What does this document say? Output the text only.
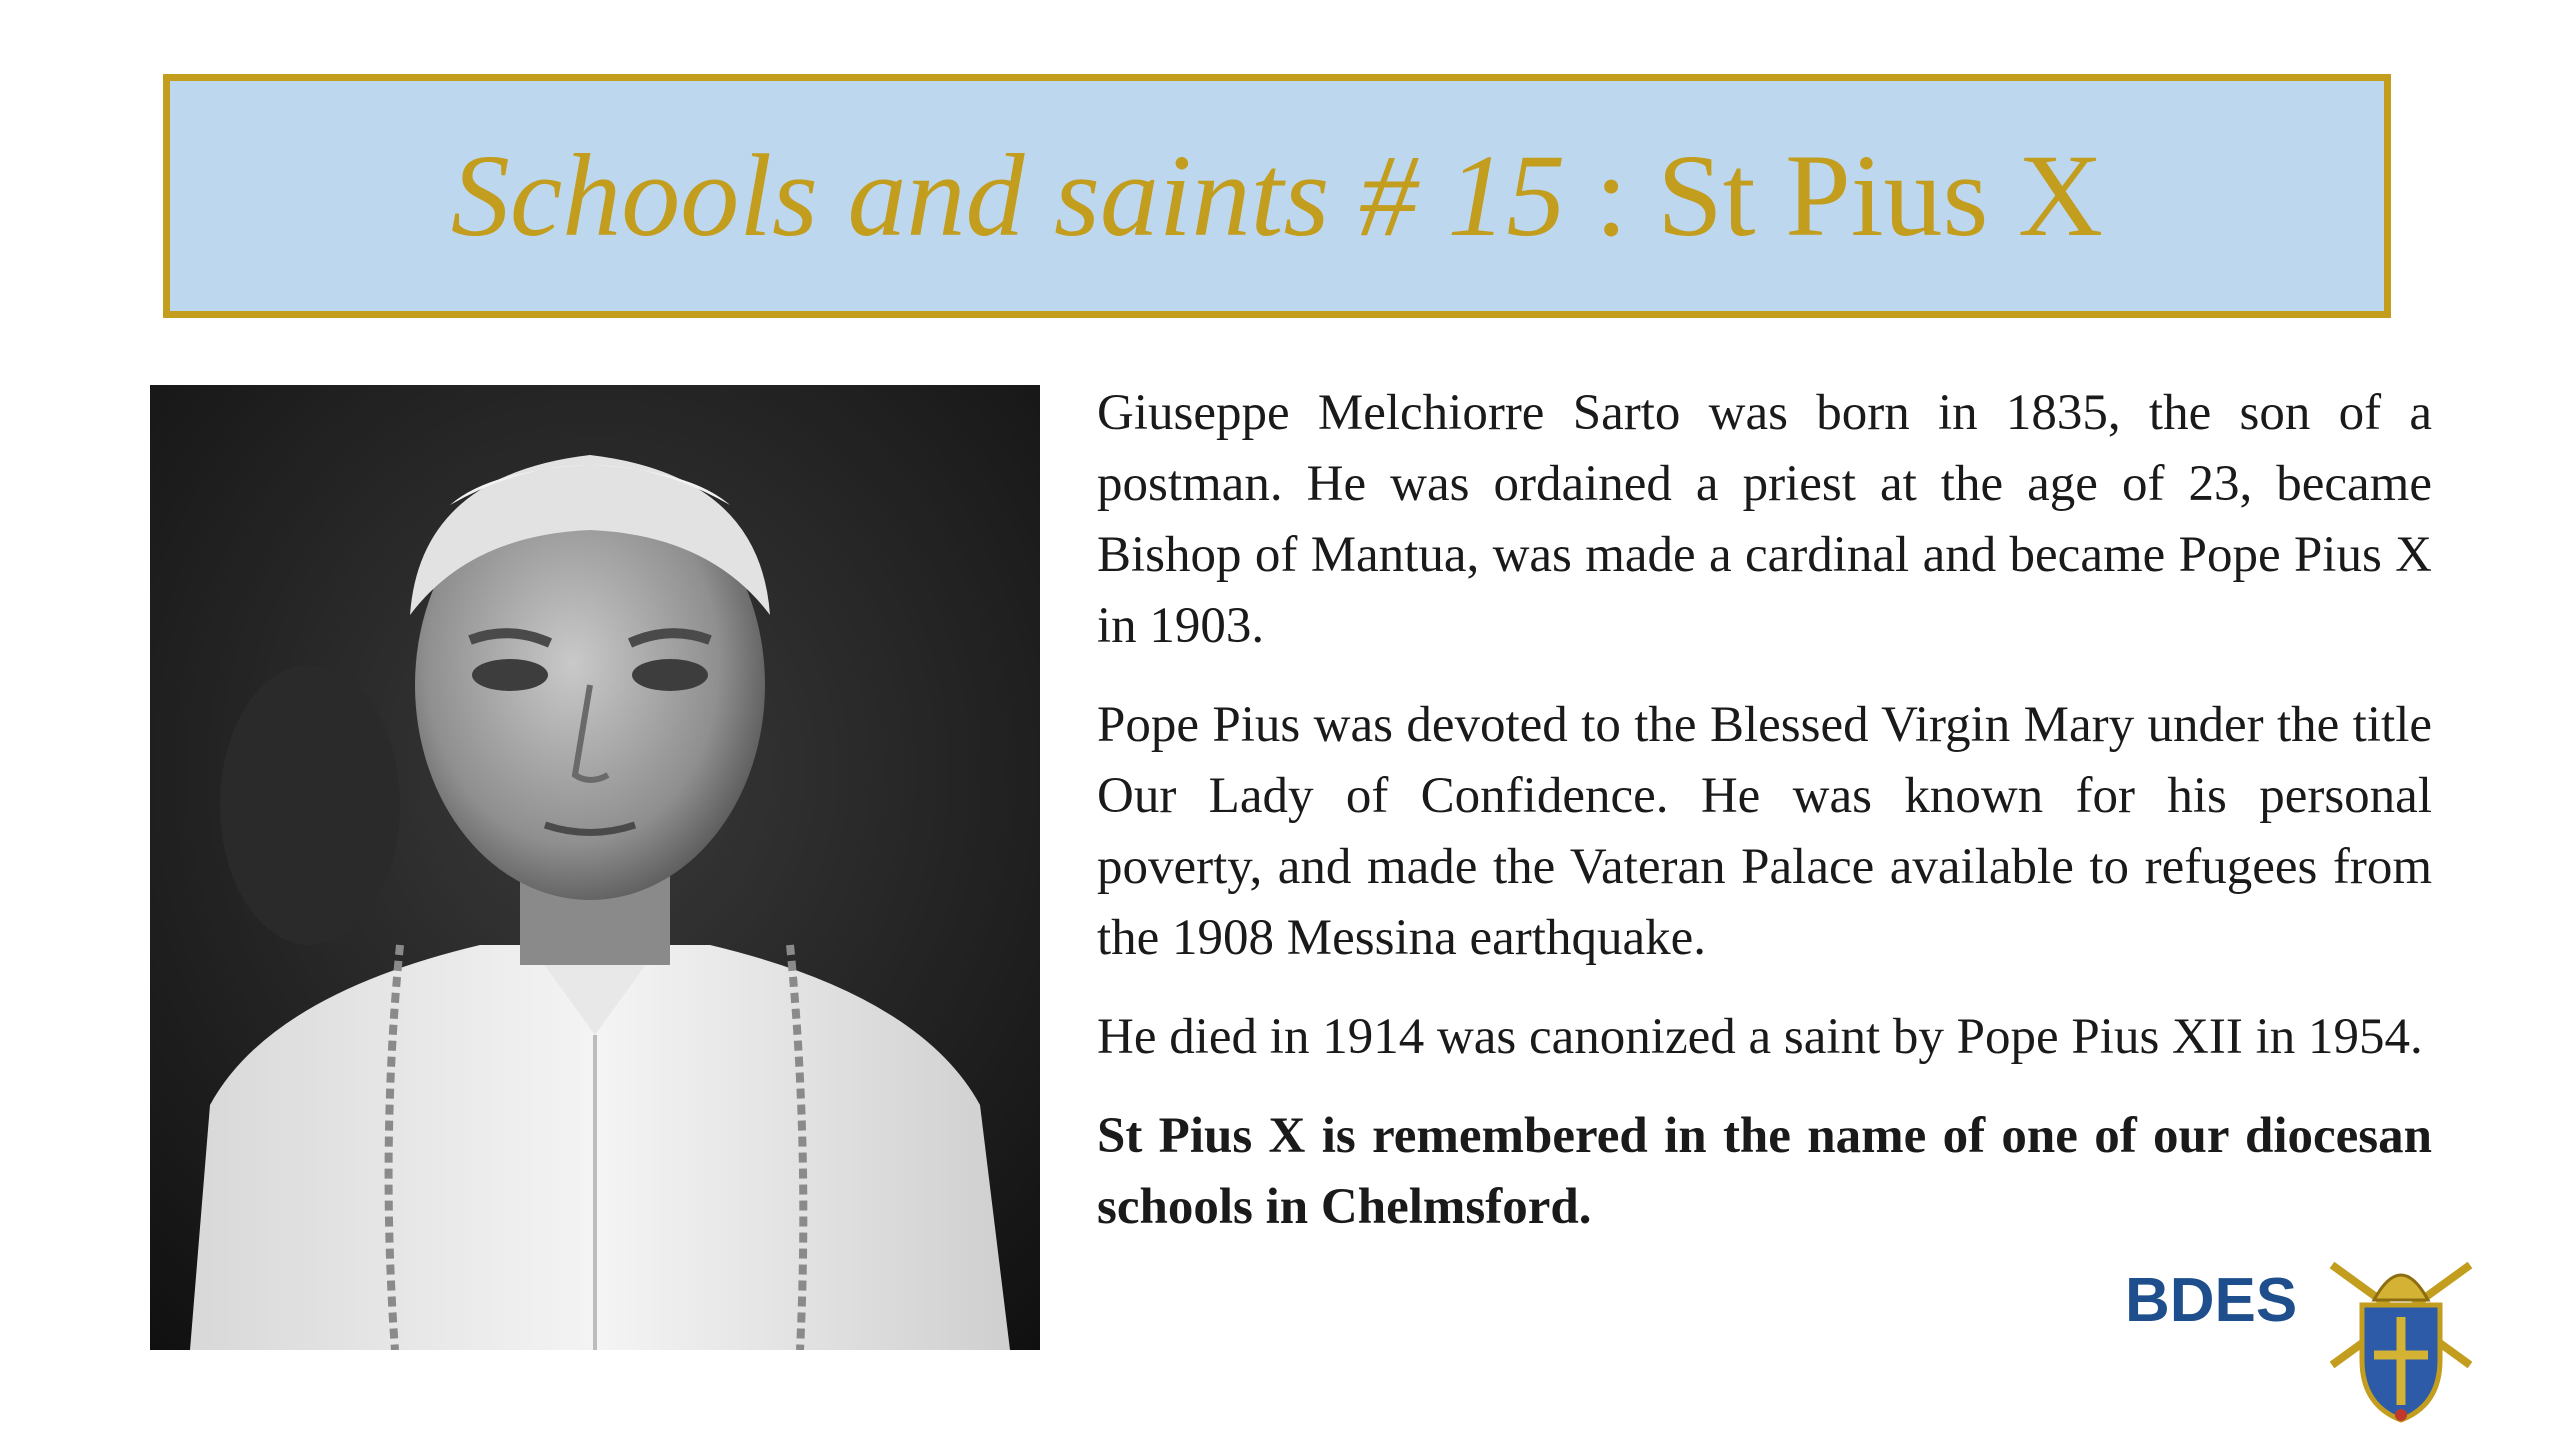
Schools and saints # 15 : St Pius X

Giuseppe Melchiorre Sarto was born in 1835, the son of a postman. He was ordained a priest at the age of 23, became Bishop of Mantua, was made a cardinal and became Pope Pius X in 1903.

Pope Pius was devoted to the Blessed Virgin Mary under the title Our Lady of Confidence. He was known for his personal poverty, and made the Vateran Palace available to refugees from the 1908 Messina earthquake.

He died in 1914 was canonized a saint by Pope Pius XII in 1954.

St Pius X is remembered in the name of one of our diocesan schools in Chelmsford.

BDES
